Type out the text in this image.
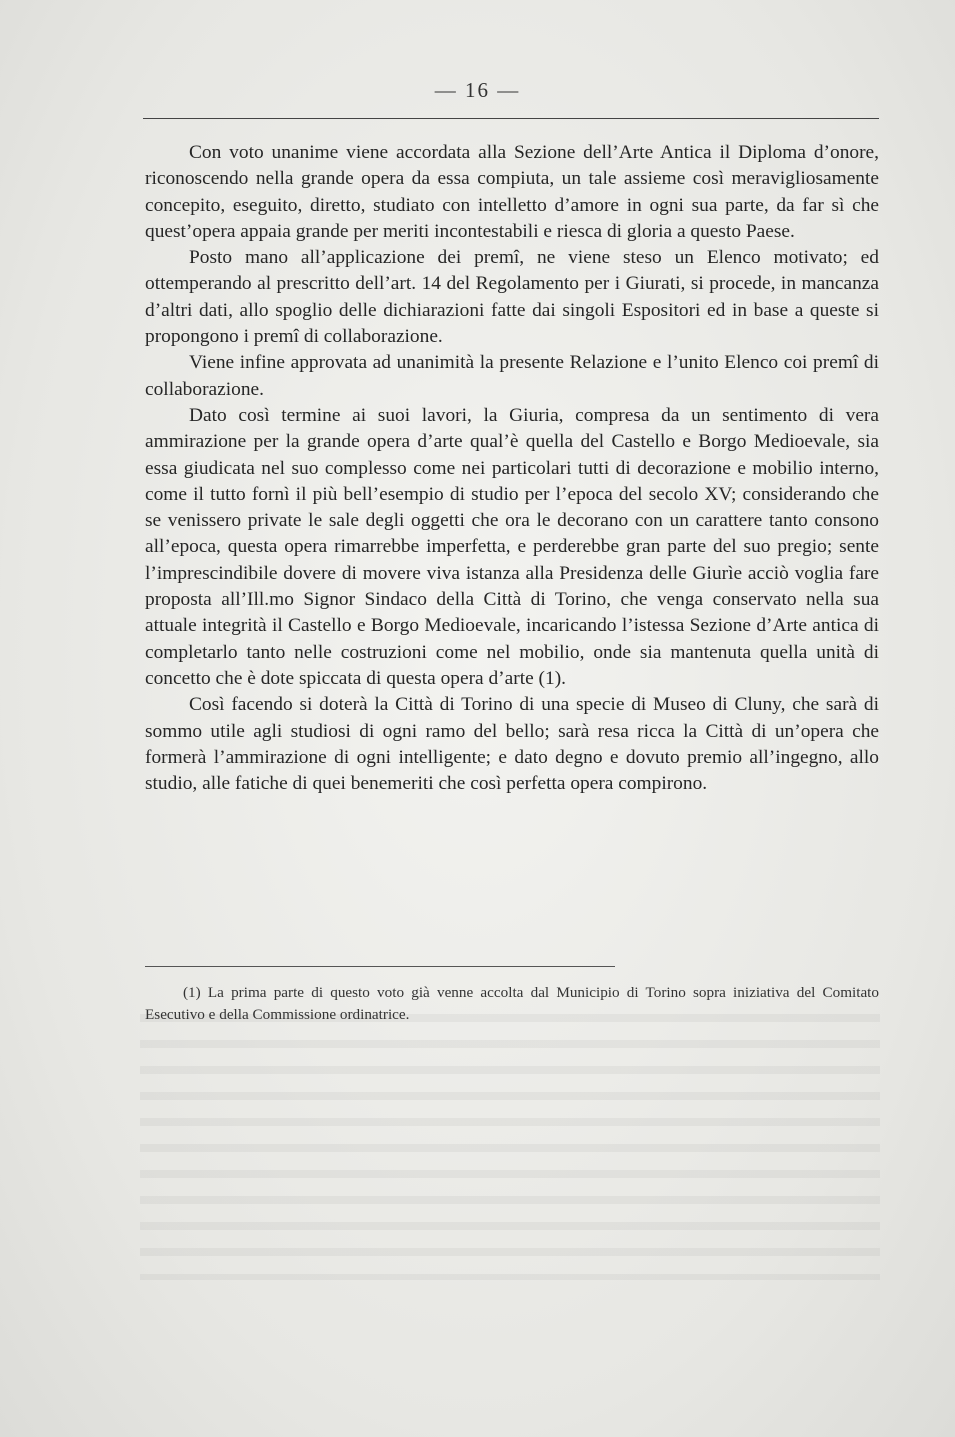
— 16 —

Con voto unanime viene accordata alla Sezione dell’Arte Antica il Diploma d’onore, riconoscendo nella grande opera da essa compiuta, un tale assieme così meravigliosamente concepito, eseguito, diretto, studiato con intelletto d’amore in ogni sua parte, da far sì che quest’opera appaia grande per meriti incontestabili e riesca di gloria a questo Paese.

Posto mano all’applicazione dei premî, ne viene steso un Elenco motivato; ed ottemperando al prescritto dell’art. 14 del Regolamento per i Giurati, si procede, in mancanza d’altri dati, allo spoglio delle dichiarazioni fatte dai singoli Espositori ed in base a queste si propongono i premî di collaborazione.

Viene infine approvata ad unanimità la presente Relazione e l’unito Elenco coi premî di collaborazione.

Dato così termine ai suoi lavori, la Giuria, compresa da un sentimento di vera ammirazione per la grande opera d’arte qual’è quella del Castello e Borgo Medioevale, sia essa giudicata nel suo complesso come nei particolari tutti di decorazione e mobilio interno, come il tutto fornì il più bell’esempio di studio per l’epoca del secolo XV; considerando che se venissero private le sale degli oggetti che ora le decorano con un carattere tanto consono all’epoca, questa opera rimarrebbe imperfetta, e perderebbe gran parte del suo pregio; sente l’imprescindibile dovere di movere viva istanza alla Presidenza delle Giurìe acciò voglia fare proposta all’Ill.mo Signor Sindaco della Città di Torino, che venga conservato nella sua attuale integrità il Castello e Borgo Medioevale, incaricando l’istessa Sezione d’Arte antica di completarlo tanto nelle costruzioni come nel mobilio, onde sia mantenuta quella unità di concetto che è dote spiccata di questa opera d’arte (1).

Così facendo si doterà la Città di Torino di una specie di Museo di Cluny, che sarà di sommo utile agli studiosi di ogni ramo del bello; sarà resa ricca la Città di un’opera che formerà l’ammirazione di ogni intelligente; e dato degno e dovuto premio all’ingegno, allo studio, alle fatiche di quei benemeriti che così perfetta opera compirono.

(1) La prima parte di questo voto già venne accolta dal Municipio di Torino sopra iniziativa del Comitato Esecutivo e della Commissione ordinatrice.
